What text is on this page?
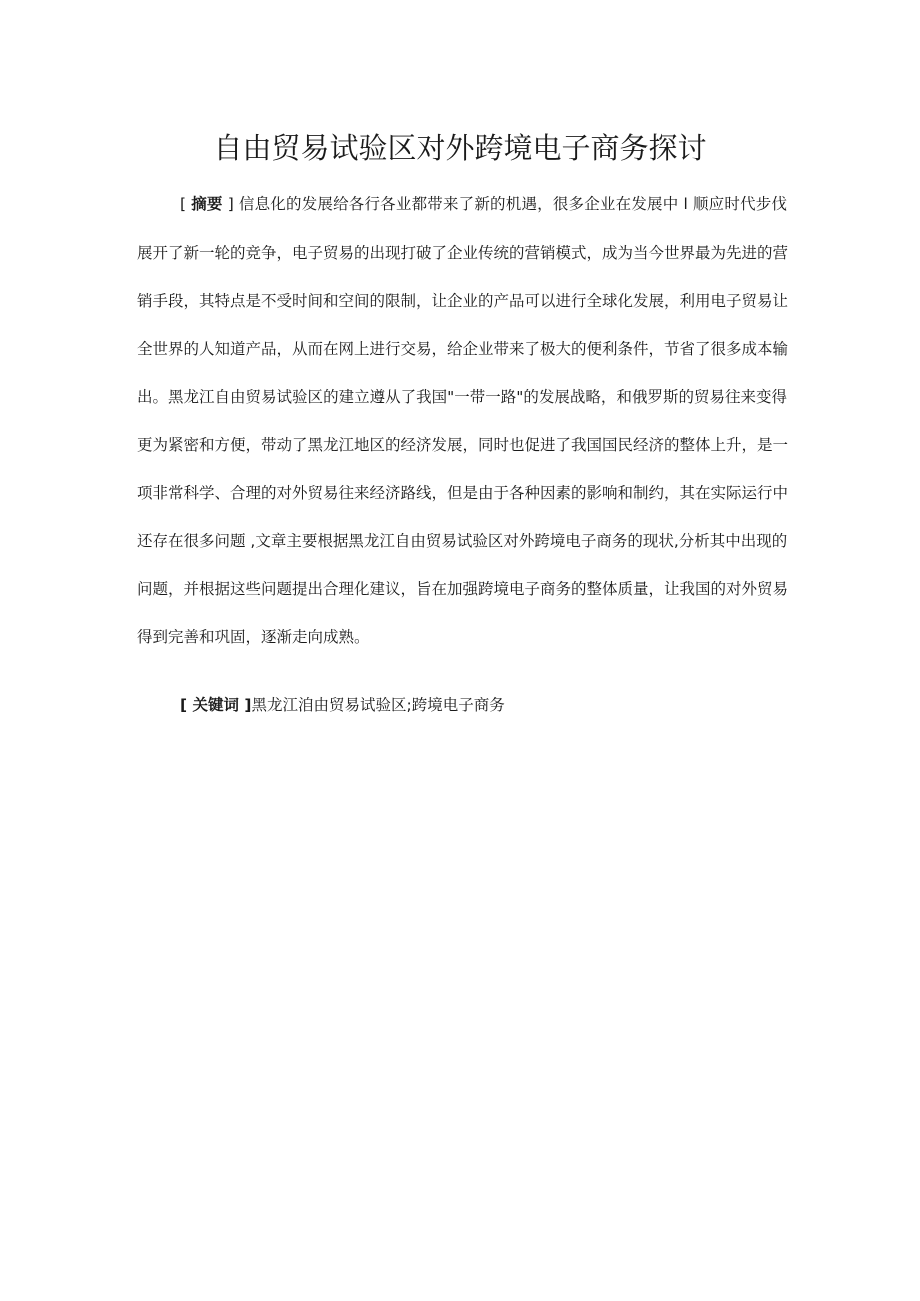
自由贸易试验区对外跨境电子商务探讨
[ 摘要 ] 信息化的发展给各行各业都带来了新的机遇，很多企业在发展中 l 顺应时代步伐
展开了新一轮的竞争，电子贸易的出现打破了企业传统的营销模式，成为当今世界最为先进的营
销手段，其特点是不受时间和空间的限制，让企业的产品可以进行全球化发展，利用电子贸易让
全世界的人知道产品，从而在网上进行交易，给企业带来了极大的便利条件，节省了很多成本输
出。黑龙江自由贸易试验区的建立遵从了我国"一带一路"的发展战略，和俄罗斯的贸易往来变得
更为紧密和方便，带动了黑龙江地区的经济发展，同时也促进了我国国民经济的整体上升，是一
项非常科学、合理的对外贸易往来经济路线，但是由于各种因素的影响和制约，其在实际运行中
还存在很多问题 ,文章主要根据黑龙江自由贸易试验区对外跨境电子商务的现状,分析其中出现的
问题，并根据这些问题提出合理化建议，旨在加强跨境电子商务的整体质量，让我国的对外贸易
得到完善和巩固，逐渐走向成熟。
[ 关键词 ]黑龙江洎由贸易试验区;跨境电子商务
